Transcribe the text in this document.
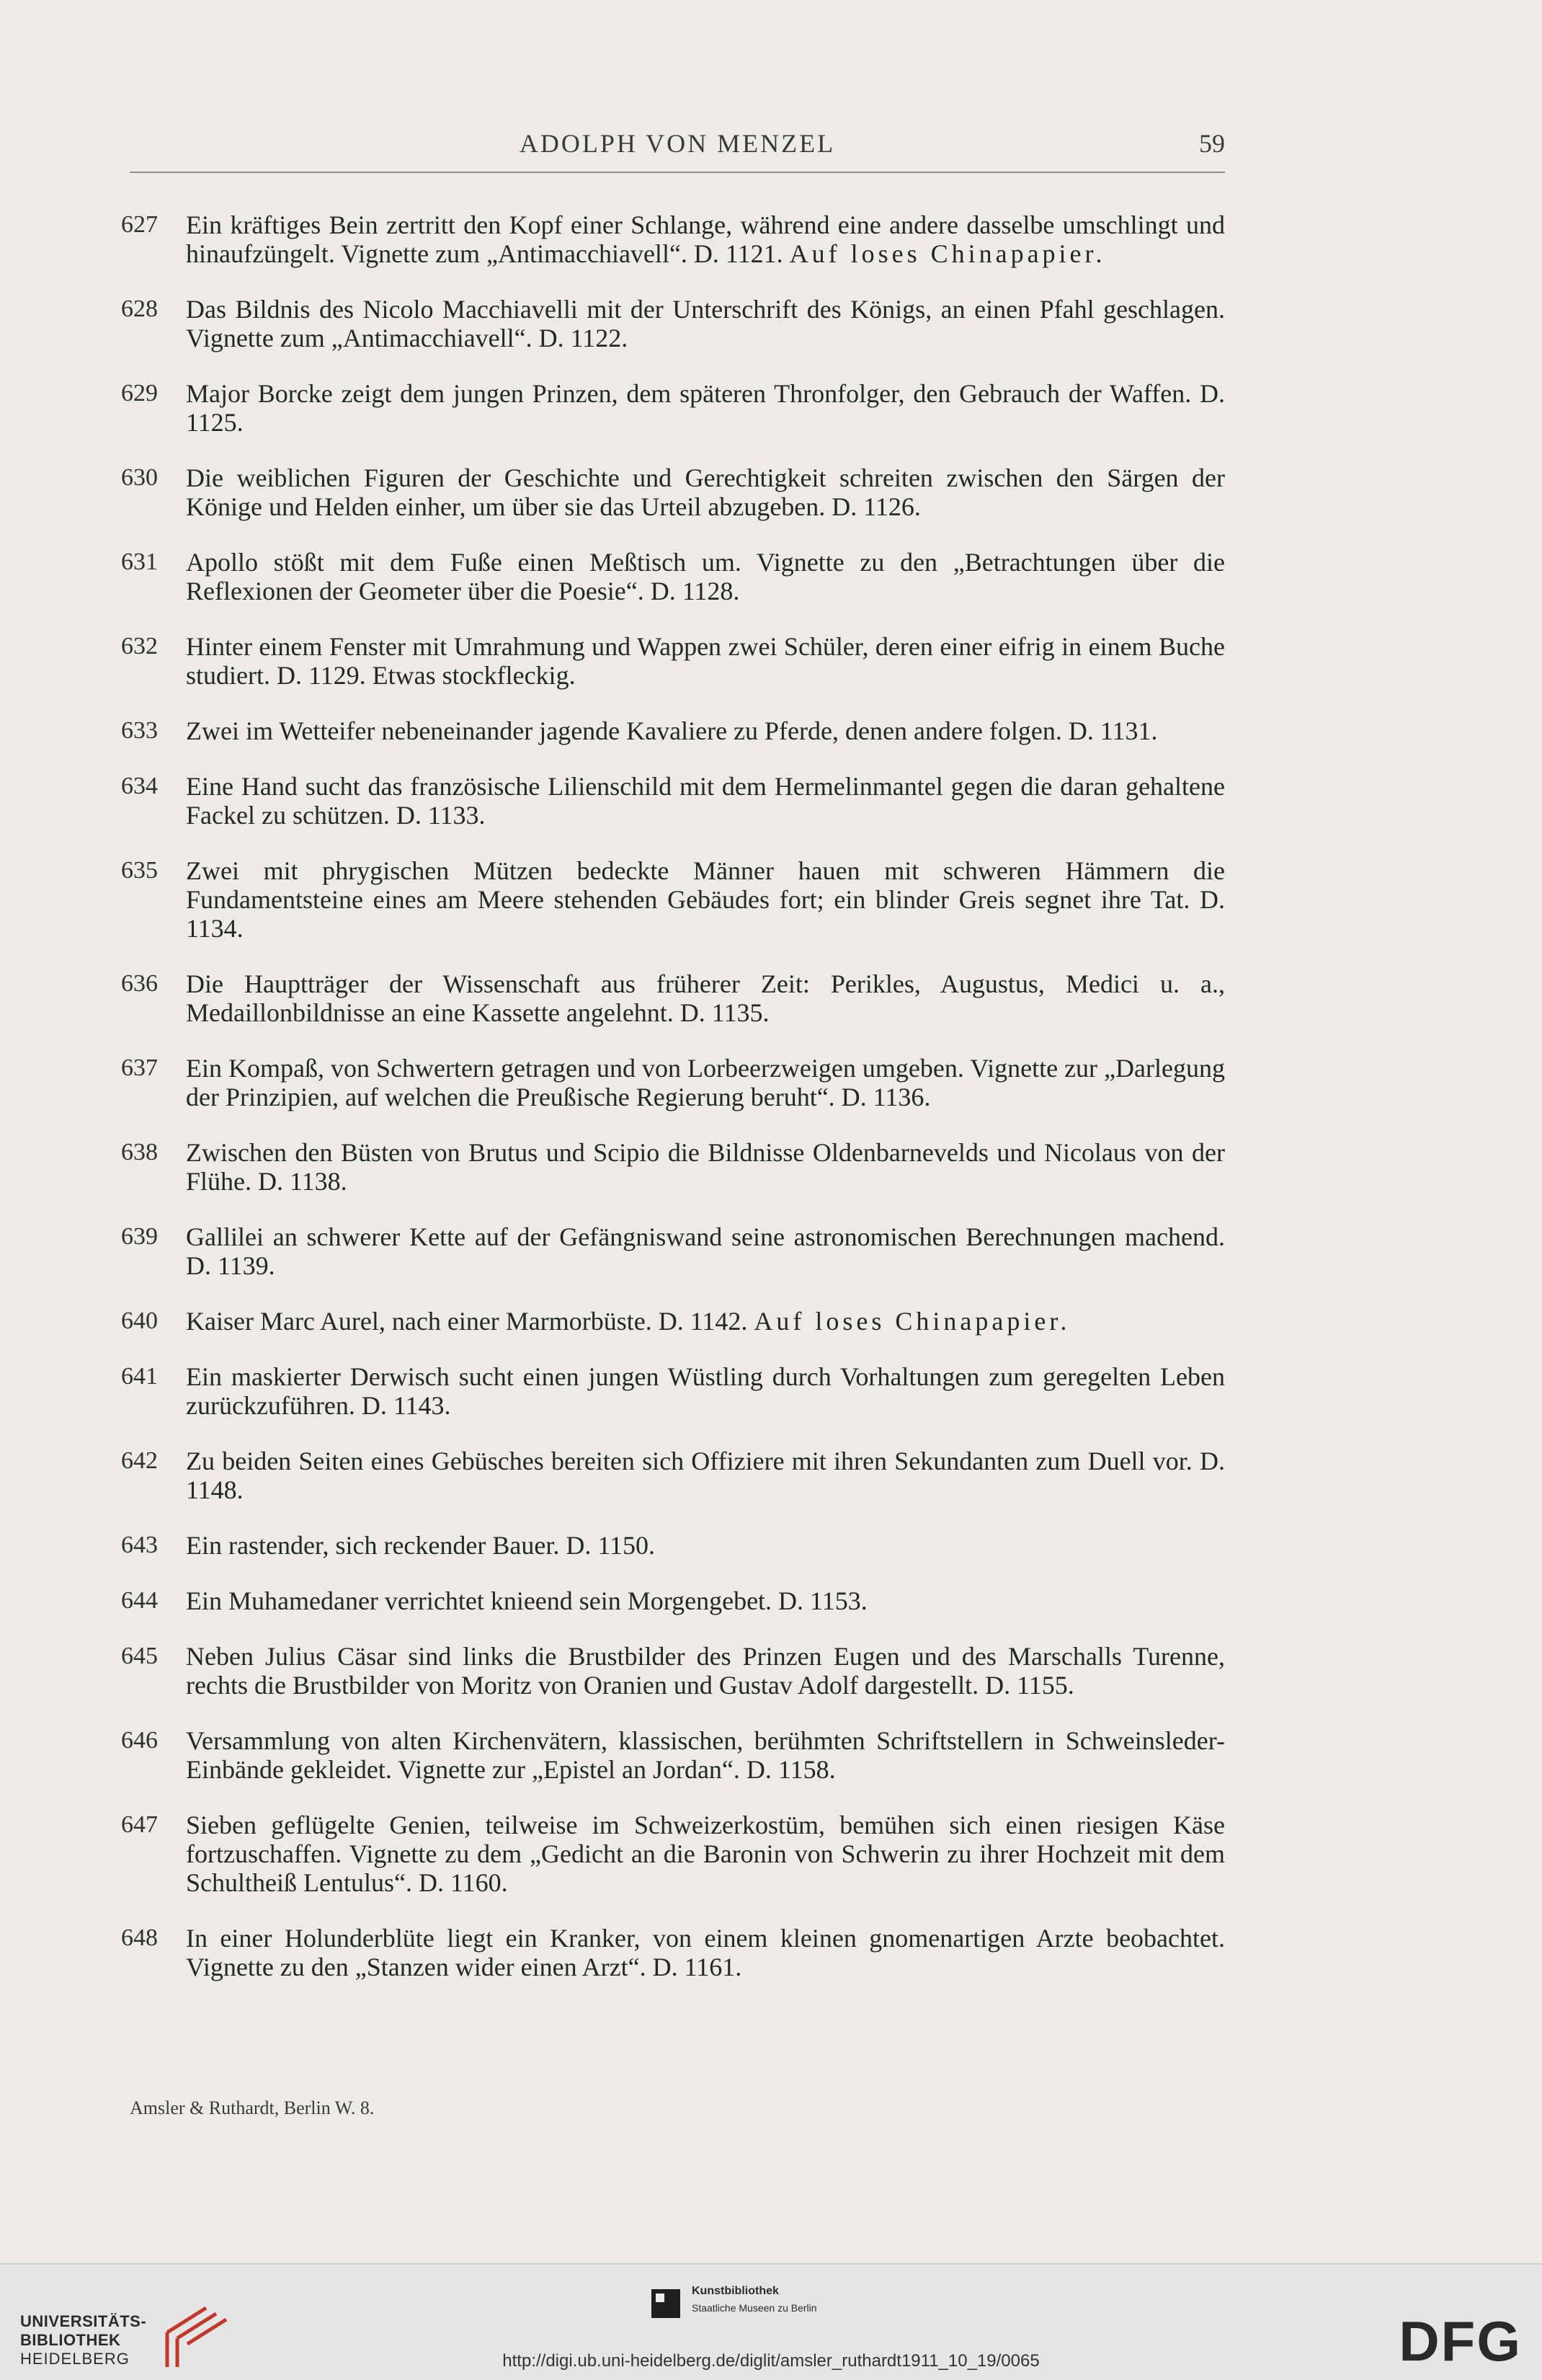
ADOLPH VON MENZEL	59
627	Ein kräftiges Bein zertritt den Kopf einer Schlange, während eine andere dasselbe umschlingt und hinaufzüngelt. Vignette zum „Antimacchiavell“. D. 1121. Auf loses Chinapapier.
628	Das Bildnis des Nicolo Macchiavelli mit der Unterschrift des Königs, an einen Pfahl geschlagen. Vignette zum „Antimacchiavell“. D. 1122.
629	Major Borcke zeigt dem jungen Prinzen, dem späteren Thronfolger, den Gebrauch der Waffen. D. 1125.
630	Die weiblichen Figuren der Geschichte und Gerechtigkeit schreiten zwischen den Särgen der Könige und Helden einher, um über sie das Urteil abzugeben. D. 1126.
631	Apollo stößt mit dem Fuße einen Meßtisch um. Vignette zu den „Betrachtungen über die Reflexionen der Geometer über die Poesie“. D. 1128.
632	Hinter einem Fenster mit Umrahmung und Wappen zwei Schüler, deren einer eifrig in einem Buche studiert. D. 1129. Etwas stockfleckig.
633	Zwei im Wetteifer nebeneinander jagende Kavaliere zu Pferde, denen andere folgen. D. 1131.
634	Eine Hand sucht das französische Lilienschild mit dem Hermelinmantel gegen die daran gehaltene Fackel zu schützen. D. 1133.
635	Zwei mit phrygischen Mützen bedeckte Männer hauen mit schweren Hämmern die Fundamentsteine eines am Meere stehenden Gebäudes fort; ein blinder Greis segnet ihre Tat. D. 1134.
636	Die Hauptträger der Wissenschaft aus früherer Zeit: Perikles, Augustus, Medici u. a., Medaillonbildnisse an eine Kassette angelehnt. D. 1135.
637	Ein Kompaß, von Schwertern getragen und von Lorbeerzweigen umgeben. Vignette zur „Darlegung der Prinzipien, auf welchen die Preußische Regierung beruht“. D. 1136.
638	Zwischen den Büsten von Brutus und Scipio die Bildnisse Oldenbarnevelds und Nicolaus von der Flühe. D. 1138.
639	Gallilei an schwerer Kette auf der Gefängniswand seine astronomischen Berechnungen machend. D. 1139.
640	Kaiser Marc Aurel, nach einer Marmorbüste. D. 1142. Auf loses Chinapapier.
641	Ein maskierter Derwisch sucht einen jungen Wüstling durch Vorhaltungen zum geregelten Leben zurückzuführen. D. 1143.
642	Zu beiden Seiten eines Gebüsches bereiten sich Offiziere mit ihren Sekundanten zum Duell vor. D. 1148.
643	Ein rastender, sich reckender Bauer. D. 1150.
644	Ein Muhamedaner verrichtet knieend sein Morgengebet. D. 1153.
645	Neben Julius Cäsar sind links die Brustbilder des Prinzen Eugen und des Marschalls Turenne, rechts die Brustbilder von Moritz von Oranien und Gustav Adolf dargestellt. D. 1155.
646	Versammlung von alten Kirchenvätern, klassischen, berühmten Schriftstellern in Schweinsleder-Einbände gekleidet. Vignette zur „Epistel an Jordan“. D. 1158.
647	Sieben geflügelte Genien, teilweise im Schweizerkostüm, bemühen sich einen riesigen Käse fortzuschaffen. Vignette zu dem „Gedicht an die Baronin von Schwerin zu ihrer Hochzeit mit dem Schultheiß Lentulus“. D. 1160.
648	In einer Holunderblüte liegt ein Kranker, von einem kleinen gnomenartigen Arzte beobachtet. Vignette zu den „Stanzen wider einen Arzt“. D. 1161.
Amsler & Ruthardt, Berlin W. 8.
UNIVERSITÄTS-
BIBLIOTHEK
HEIDELBERG
Kunstbibliothek
Staatliche Museen zu Berlin
DFG
http://digi.ub.uni-heidelberg.de/diglit/amsler_ruthardt1911_10_19/0065
